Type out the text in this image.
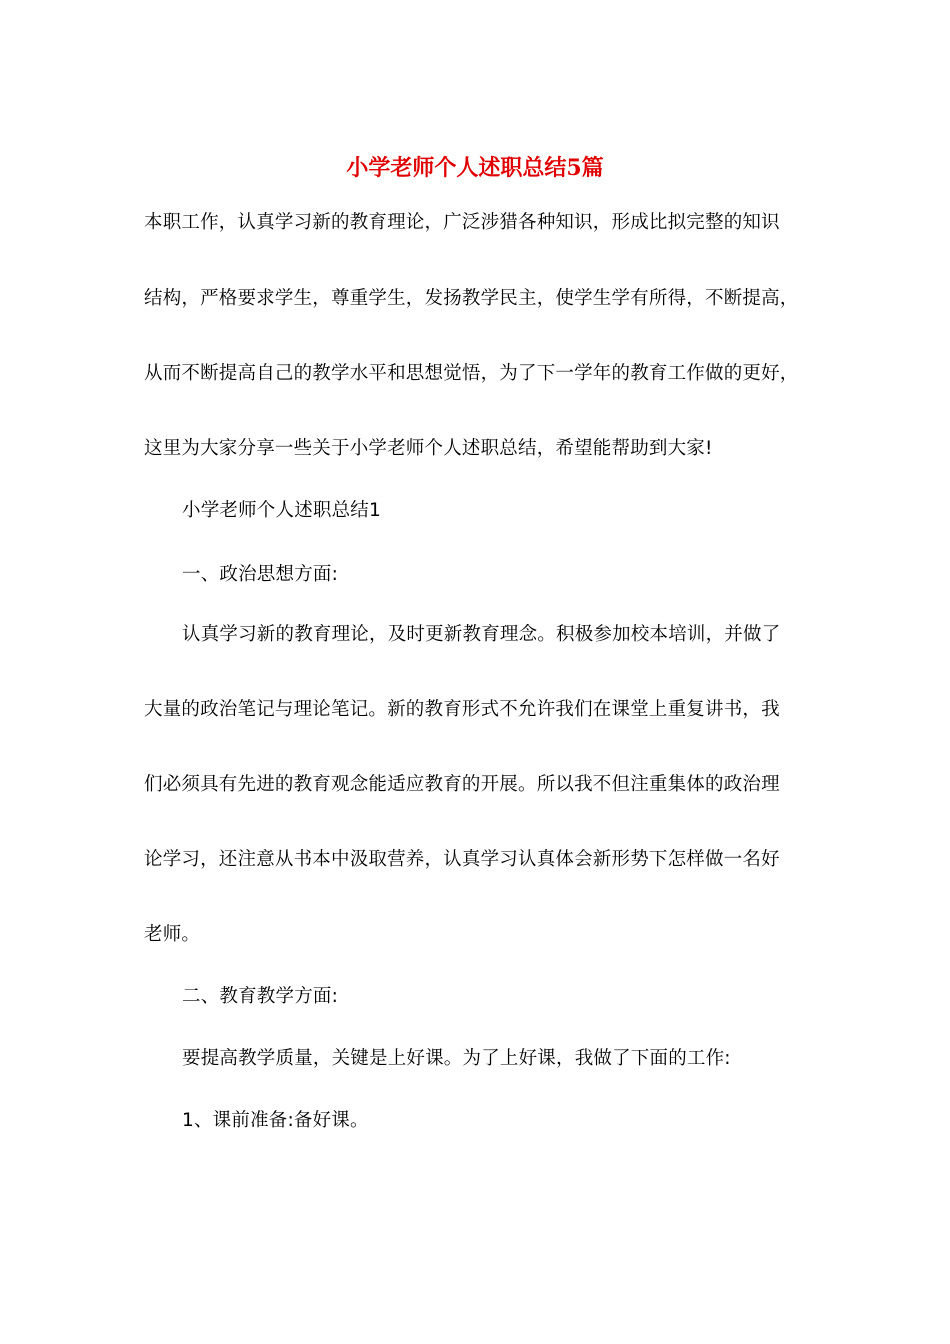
小学老师个人述职总结5篇
本职工作，认真学习新的教育理论，广泛涉猎各种知识，形成比拟完整的知识
结构，严格要求学生，尊重学生，发扬教学民主，使学生学有所得，不断提高，
从而不断提高自己的教学水平和思想觉悟，为了下一学年的教育工作做的更好，
这里为大家分享一些关于小学老师个人述职总结，希望能帮助到大家!
小学老师个人述职总结1
一、政治思想方面:
认真学习新的教育理论，及时更新教育理念。积极参加校本培训，并做了
大量的政治笔记与理论笔记。新的教育形式不允许我们在课堂上重复讲书，我
们必须具有先进的教育观念能适应教育的开展。所以我不但注重集体的政治理
论学习，还注意从书本中汲取营养，认真学习认真体会新形势下怎样做一名好
老师。
二、教育教学方面:
要提高教学质量，关键是上好课。为了上好课，我做了下面的工作:
1、课前准备:备好课。
